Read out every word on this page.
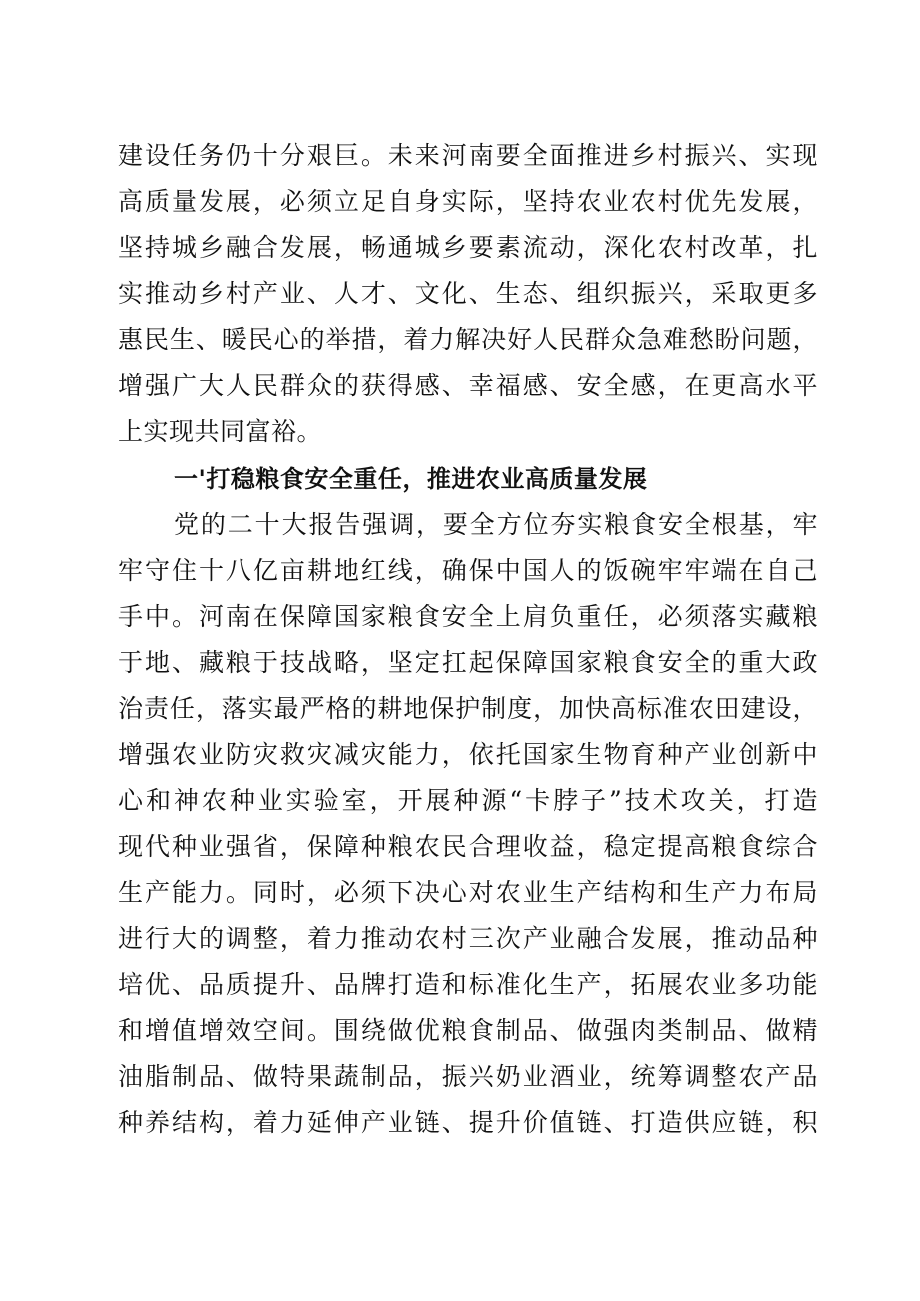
建设任务仍十分艰巨。未来河南要全面推进乡村振兴、实现
高质量发展，必须立足自身实际，坚持农业农村优先发展，
坚持城乡融合发展，畅通城乡要素流动，深化农村改革，扎
实推动乡村产业、人才、文化、生态、组织振兴，采取更多
惠民生、暖民心的举措，着力解决好人民群众急难愁盼问题，
增强广大人民群众的获得感、幸福感、安全感，在更高水平
上实现共同富裕。
一'打稳粮食安全重任，推进农业高质量发展
党的二十大报告强调，要全方位夯实粮食安全根基，牢
牢守住十八亿亩耕地红线，确保中国人的饭碗牢牢端在自己
手中。河南在保障国家粮食安全上肩负重任，必须落实藏粮
于地、藏粮于技战略，坚定扛起保障国家粮食安全的重大政
治责任，落实最严格的耕地保护制度，加快高标准农田建设，
增强农业防灾救灾减灾能力，依托国家生物育种产业创新中
心和神农种业实验室，开展种源“卡脖子”技术攻关，打造
现代种业强省，保障种粮农民合理收益，稳定提高粮食综合
生产能力。同时，必须下决心对农业生产结构和生产力布局
进行大的调整，着力推动农村三次产业融合发展，推动品种
培优、品质提升、品牌打造和标准化生产，拓展农业多功能
和增值增效空间。围绕做优粮食制品、做强肉类制品、做精
油脂制品、做特果蔬制品，振兴奶业酒业，统筹调整农产品
种养结构，着力延伸产业链、提升价值链、打造供应链，积
